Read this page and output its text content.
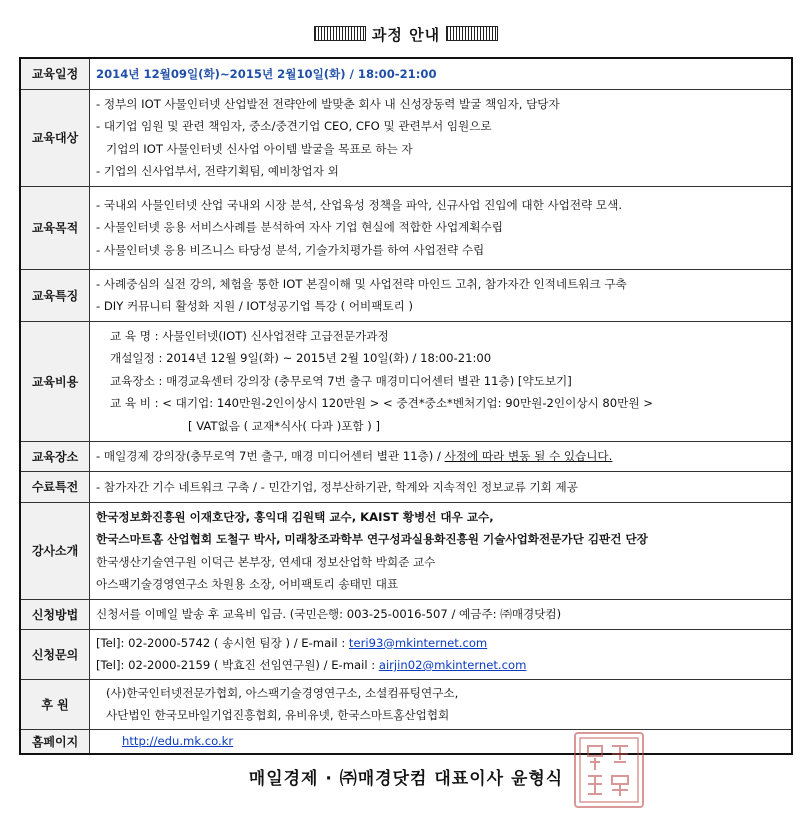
과정 안내
교육일정	2014년 12월09일(화)~2015년 2월10일(화) / 18:00-21:00
교육대상	- 정부의 IOT 사물인터넷 산업발전 전략안에 발맞춘 회사 내 신성장동력 발굴 책임자, 담당자
- 대기업 임원 및 관련 책임자, 중소/중견기업 CEO, CFO 및 관련부서 임원으로
기업의 IOT 사물인터넷 신사업 아이템 발굴을 목표로 하는 자
- 기업의 신사업부서, 전략기획팀, 예비창업자 외

교육목적	- 국내외 사물인터넷 산업 국내외 시장 분석, 산업육성 정책을 파악, 신규사업 진입에 대한 사업전략 모색.
- 사물인터넷 응용 서비스사례를 분석하여 자사 기업 현실에 적합한 사업계획수립
- 사물인터넷 응용 비즈니스 타당성 분석, 기술가치평가를 하여 사업전략 수립

교육특징	- 사례중심의 실전 강의, 체험을 통한 IOT 본질이해 및 사업전략 마인드 고취, 참가자간 인적네트워크 구축
- DIY 커뮤니티 활성화 지원 / IOT성공기업 특강 ( 어비팩토리 )

교육비용	교 육 명 : 사물인터넷(IOT) 신사업전략 고급전문가과정
개설일정 : 2014년 12월 9일(화) ~ 2015년 2월 10일(화) / 18:00-21:00
교육장소 : 매경교육센터 강의장 (충무로역 7번 출구 매경미디어센터 별관 11층) [약도보기]
교 육 비 : < 대기업: 140만원-2인이상시 120만원 > < 중견*중소*벤처기업: 90만원-2인이상시 80만원 >
[ VAT없음 ( 교재*식사( 다과 )포함 ) ]

교육장소	- 매일경제 강의장(충무로역 7번 출구, 매경 미디어센터 별관 11층) / 사정에 따라 변동 될 수 있습니다.
수료특전	- 참가자간 기수 네트워크 구축 / - 민간기업, 정부산하기관, 학계와 지속적인 정보교류 기회 제공
강사소개	한국정보화진흥원 이재호단장, 홍익대 김원택 교수, KAIST 황병선 대우 교수,
한국스마트홈 산업협회 도철구 박사, 미래창조과학부 연구성과실용화진흥원 기술사업화전문가단 김판건 단장
한국생산기술연구원 이덕근 본부장, 연세대 정보산업학 박희준 교수
아스팩기술경영연구소 차원용 소장, 어비팩토리 송태민 대표

신청방법	신청서를 이메일 발송 후 교육비 입금. (국민은행: 003-25-0016-507 / 예금주: ㈜매경닷컴)
신청문의	[Tel]: 02-2000-5742 ( 송시헌 팀장 ) / E-mail : teri93@mkinternet.com
[Tel]: 02-2000-2159 ( 박효진 선임연구원) / E-mail : airjin02@mkinternet.com

후 원	(사)한국인터넷전문가협회, 아스팩기술경영연구소, 소셜컴퓨팅연구소,
사단법인 한국모바일기업진흥협회, 유비유넷, 한국스마트홈산업협회

홈페이지	http://edu.mk.co.kr
매일경제 · ㈜매경닷컴 대표이사 윤형식
